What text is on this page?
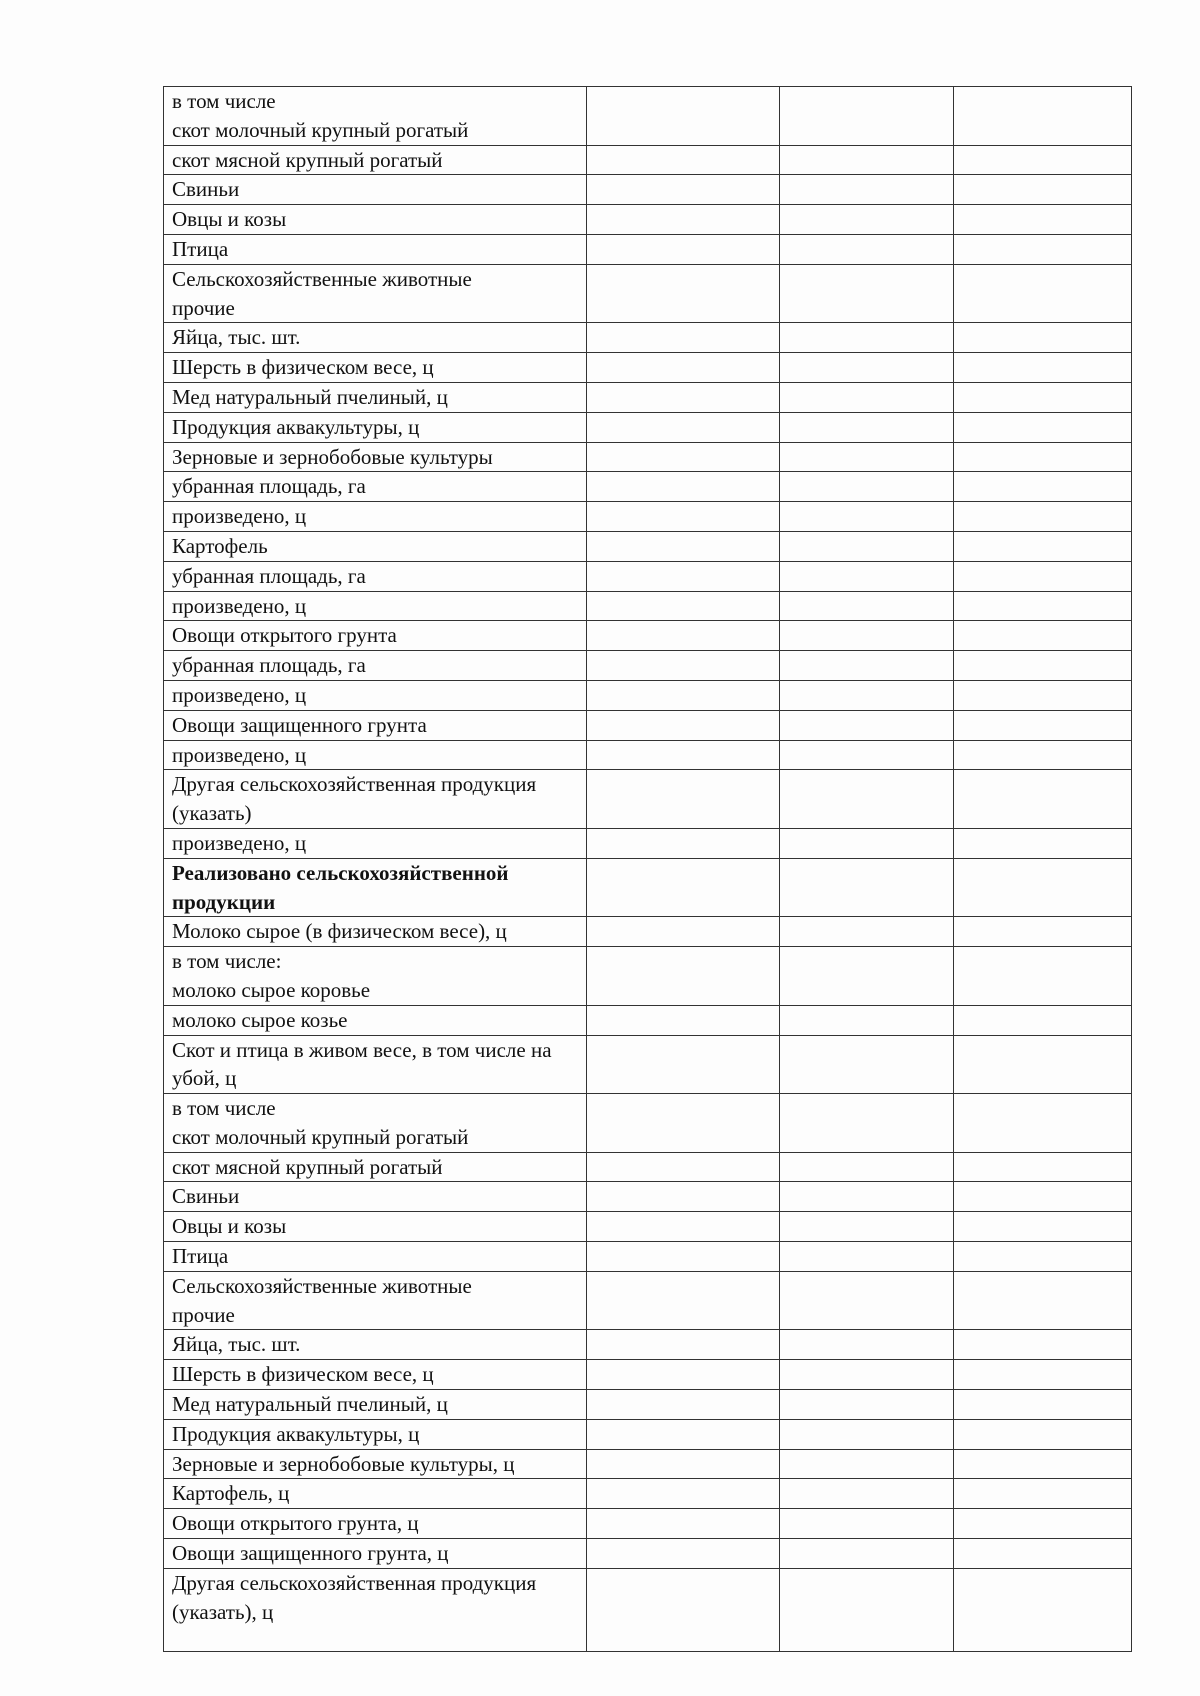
в том числе
скот молочный крупный рогатый			

скот мясной крупный рогатый			

Свиньи			

Овцы и козы			

Птица			

Сельскохозяйственные животные
прочие			

Яйца, тыс. шт.			

Шерсть в физическом весе, ц			

Мед натуральный пчелиный, ц			

Продукция аквакультуры, ц			

Зерновые и зернобобовые культуры			

убранная площадь, га			

произведено, ц			

Картофель			

убранная площадь, га			

произведено, ц			

Овощи открытого грунта			

убранная площадь, га			

произведено, ц			

Овощи защищенного грунта			

произведено, ц			

Другая сельскохозяйственная продукция (указать)			

произведено, ц			

Реализовано сельскохозяйственной продукции			

Молоко сырое (в физическом весе), ц			

в том числе:
молоко сырое коровье			

молоко сырое козье			

Скот и птица в живом весе, в том числе на убой, ц			

в том числе
скот молочный крупный рогатый			

скот мясной крупный рогатый			

Свиньи			

Овцы и козы			

Птица			

Сельскохозяйственные животные
прочие			

Яйца, тыс. шт.			

Шерсть в физическом весе, ц			

Мед натуральный пчелиный, ц			

Продукция аквакультуры, ц			

Зерновые и зернобобовые культуры, ц			

Картофель, ц			

Овощи открытого грунта, ц			

Овощи защищенного грунта, ц			

Другая сельскохозяйственная продукция (указать), ц			
